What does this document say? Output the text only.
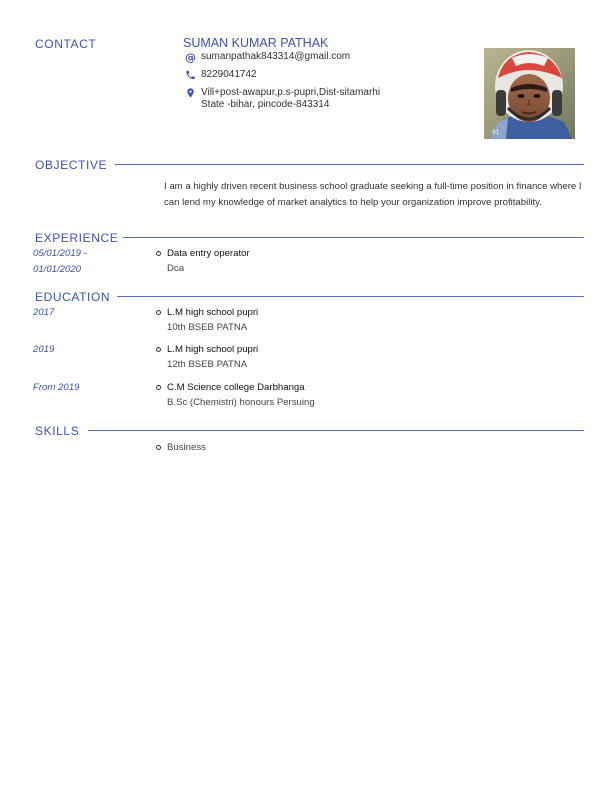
CONTACT	SUMAN KUMAR PATHAK
@ sumanpathak843314@gmail.com
8229041742
Vill+post-awapur,p.s-pupri,Dist-sitamarhi
State -bihar, pincode-843314
·91
OBJECTIVE
I am a highly driven recent business school graduate seeking a full-time position in finance where I can lend my knowledge of market analytics to help your organization improve profitability.
EXPERIENCE
05/01/2019 -
01/01/2020
Data entry operator
Dca
EDUCATION
2017	L.M high school pupri
10th BSEB PATNA
2019	L.M high school pupri
12th BSEB PATNA
From 2019	C.M Science college Darbhanga
B.Sc (Chemistri) honours Persuing
SKILLS
Business
